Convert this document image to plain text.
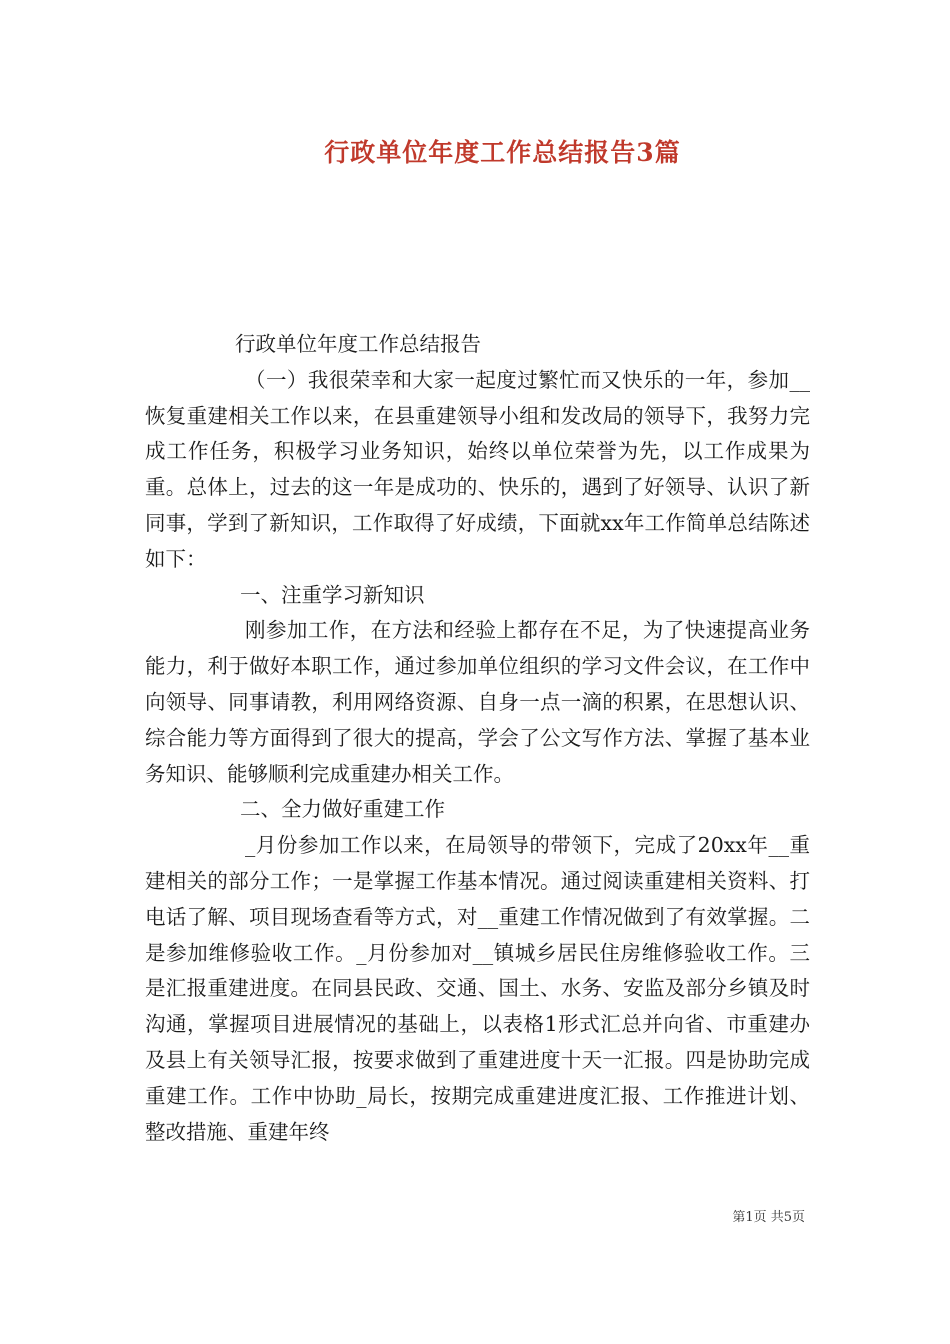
行政单位年度工作总结报告3篇

行政单位年度工作总结报告

（一）我很荣幸和大家一起度过繁忙而又快乐的一年，参加__恢复重建相关工作以来，在县重建领导小组和发改局的领导下，我努力完成工作任务，积极学习业务知识，始终以单位荣誉为先，以工作成果为重。总体上，过去的这一年是成功的、快乐的，遇到了好领导、认识了新同事，学到了新知识，工作取得了好成绩，下面就xx年工作简单总结陈述如下：

一、注重学习新知识

刚参加工作，在方法和经验上都存在不足，为了快速提高业务能力，利于做好本职工作，通过参加单位组织的学习文件会议，在工作中向领导、同事请教，利用网络资源、自身一点一滴的积累，在思想认识、综合能力等方面得到了很大的提高，学会了公文写作方法、掌握了基本业务知识、能够顺利完成重建办相关工作。

二、全力做好重建工作

_月份参加工作以来，在局领导的带领下，完成了20xx年__重建相关的部分工作；一是掌握工作基本情况。通过阅读重建相关资料、打电话了解、项目现场查看等方式，对__重建工作情况做到了有效掌握。二是参加维修验收工作。_月份参加对__镇城乡居民住房维修验收工作。三是汇报重建进度。在同县民政、交通、国土、水务、安监及部分乡镇及时沟通，掌握项目进展情况的基础上，以表格1形式汇总并向省、市重建办及县上有关领导汇报，按要求做到了重建进度十天一汇报。四是协助完成重建工作。工作中协助_局长，按期完成重建进度汇报、工作推进计划、整改措施、重建年终

第1页 共5页
